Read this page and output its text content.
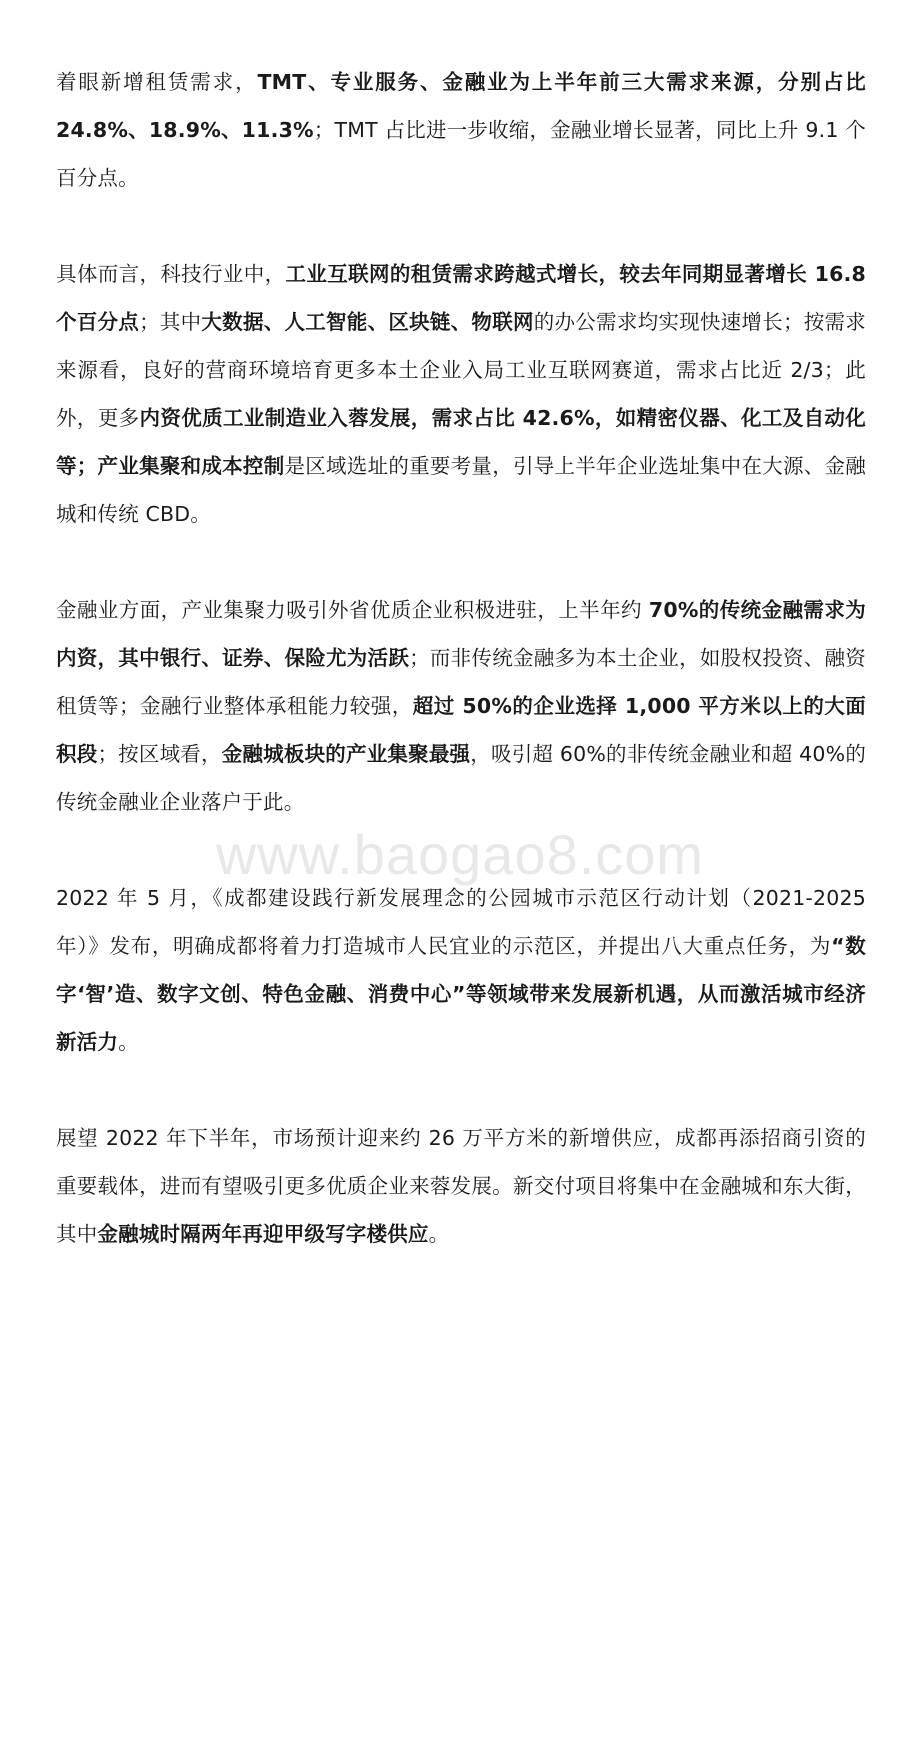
www.baogao8.com

着眼新增租赁需求，TMT、专业服务、金融业为上半年前三大需求来源，分别占比 24.8%、18.9%、11.3%；TMT 占比进一步收缩，金融业增长显著，同比上升 9.1 个百分点。

具体而言，科技行业中，工业互联网的租赁需求跨越式增长，较去年同期显著增长 16.8 个百分点；其中大数据、人工智能、区块链、物联网的办公需求均实现快速增长；按需求来源看，良好的营商环境培育更多本土企业入局工业互联网赛道，需求占比近 2/3；此外，更多内资优质工业制造业入蓉发展，需求占比 42.6%，如精密仪器、化工及自动化等；产业集聚和成本控制是区域选址的重要考量，引导上半年企业选址集中在大源、金融城和传统 CBD。

金融业方面，产业集聚力吸引外省优质企业积极进驻，上半年约 70%的传统金融需求为内资，其中银行、证券、保险尤为活跃；而非传统金融多为本土企业，如股权投资、融资租赁等；金融行业整体承租能力较强，超过 50%的企业选择 1,000 平方米以上的大面积段；按区域看，金融城板块的产业集聚最强，吸引超 60%的非传统金融业和超 40%的传统金融业企业落户于此。

2022 年 5 月，《成都建设践行新发展理念的公园城市示范区行动计划（2021-2025 年）》发布，明确成都将着力打造城市人民宜业的示范区，并提出八大重点任务，为“数字‘智’造、数字文创、特色金融、消费中心”等领域带来发展新机遇，从而激活城市经济新活力。

展望 2022 年下半年，市场预计迎来约 26 万平方米的新增供应，成都再添招商引资的重要载体，进而有望吸引更多优质企业来蓉发展。新交付项目将集中在金融城和东大街，其中金融城时隔两年再迎甲级写字楼供应。
